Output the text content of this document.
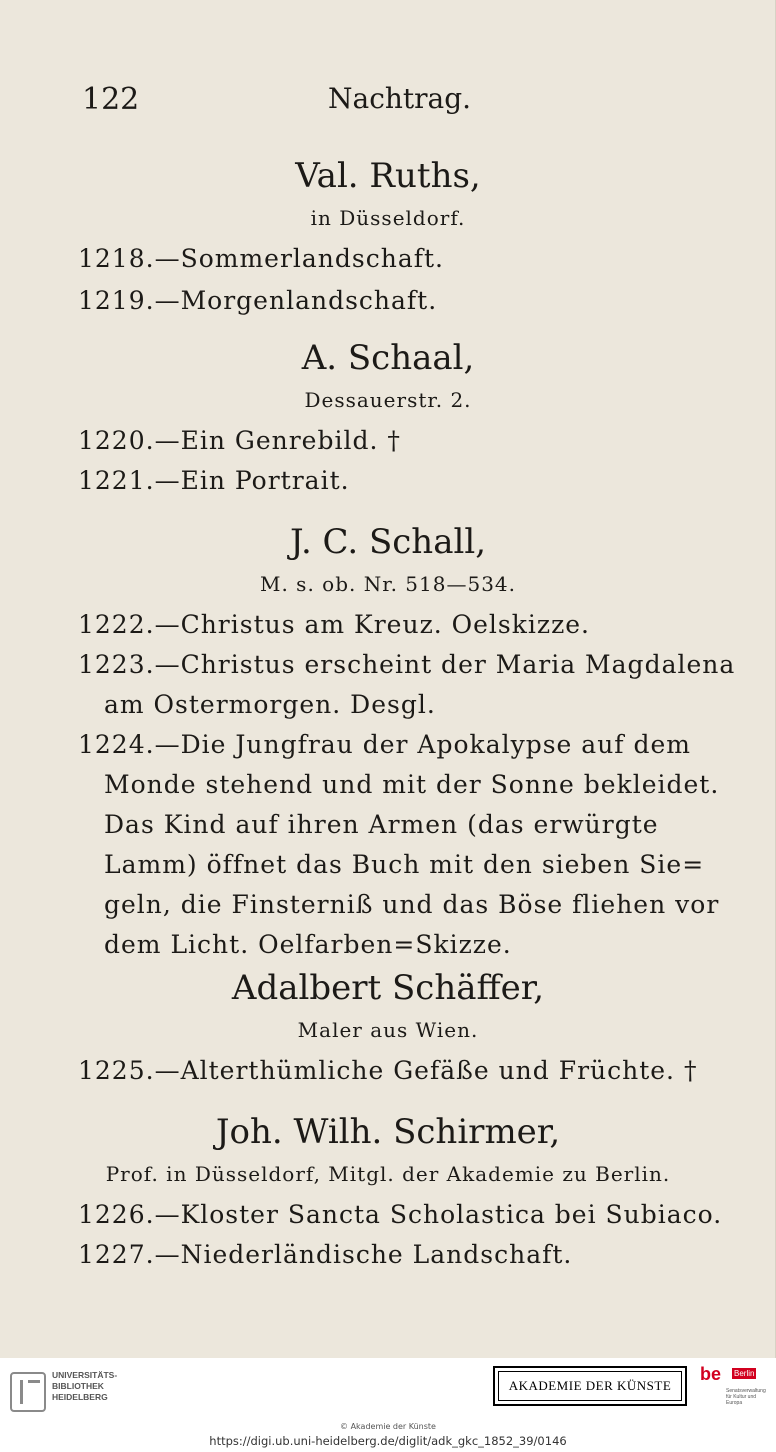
122	Nachtrag.
Val. Ruths,
in Düsseldorf.
1218.—Sommerlandschaft.
1219.—Morgenlandschaft.
A. Schaal,
Dessauerstr. 2.
1220.—Ein Genrebild. †
1221.—Ein Portrait.
J. C. Schall,
M. s. ob. Nr. 518—534.
1222.—Christus am Kreuz. Oelskizze.
1223.—Christus erscheint der Maria Magdalena
am Ostermorgen. Desgl.
1224.—Die Jungfrau der Apokalypse auf dem
Monde stehend und mit der Sonne bekleidet.
Das Kind auf ihren Armen (das erwürgte
Lamm) öffnet das Buch mit den sieben Sie=
geln, die Finsterniß und das Böse fliehen vor
dem Licht. Oelfarben=Skizze.
Adalbert Schäffer,
Maler aus Wien.
1225.—Alterthümliche Gefäße und Früchte. †
Joh. Wilh. Schirmer,
Prof. in Düsseldorf, Mitgl. der Akademie zu Berlin.
1226.—Kloster Sancta Scholastica bei Subiaco.
1227.—Niederländische Landschaft.
UNIVERSITÄTS-
BIBLIOTHEK
HEIDELBERG
AKADEMIE DER KÜNSTE
be Berlin
Senatsverwaltung für Kultur und Europa
© Akademie der Künste
https://digi.ub.uni-heidelberg.de/diglit/adk_gkc_1852_39/0146
